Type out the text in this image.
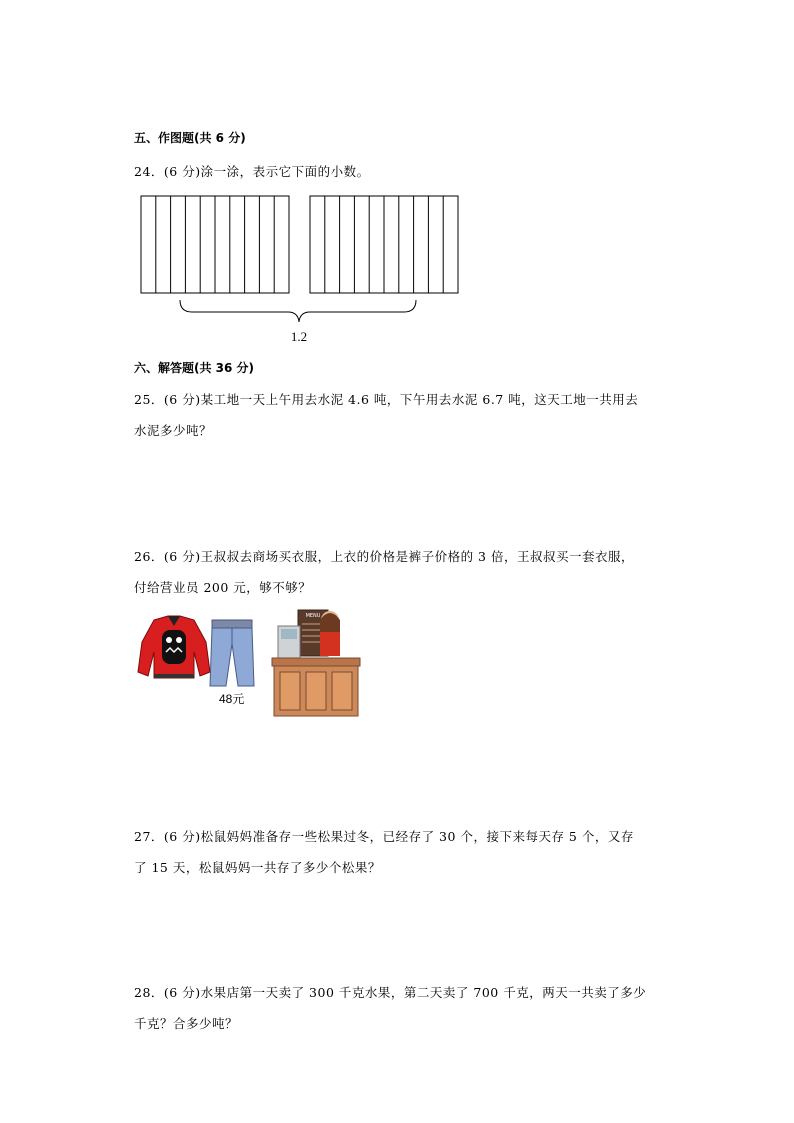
五、作图题(共 6 分)
24．(6 分)涂一涂，表示它下面的小数。
1.2
六、解答题(共 36 分)
25．(6 分)某工地一天上午用去水泥 4.6 吨，下午用去水泥 6.7 吨，这天工地一共用去
水泥多少吨？
26．(6 分)王叔叔去商场买衣服，上衣的价格是裤子价格的 3 倍，王叔叔买一套衣服，
付给营业员 200 元，够不够？
48元
MENU
27．(6 分)松鼠妈妈准备存一些松果过冬，已经存了 30 个，接下来每天存 5 个，又存
了 15 天，松鼠妈妈一共存了多少个松果？
28．(6 分)水果店第一天卖了 300 千克水果，第二天卖了 700 千克，两天一共卖了多少
千克？合多少吨？
